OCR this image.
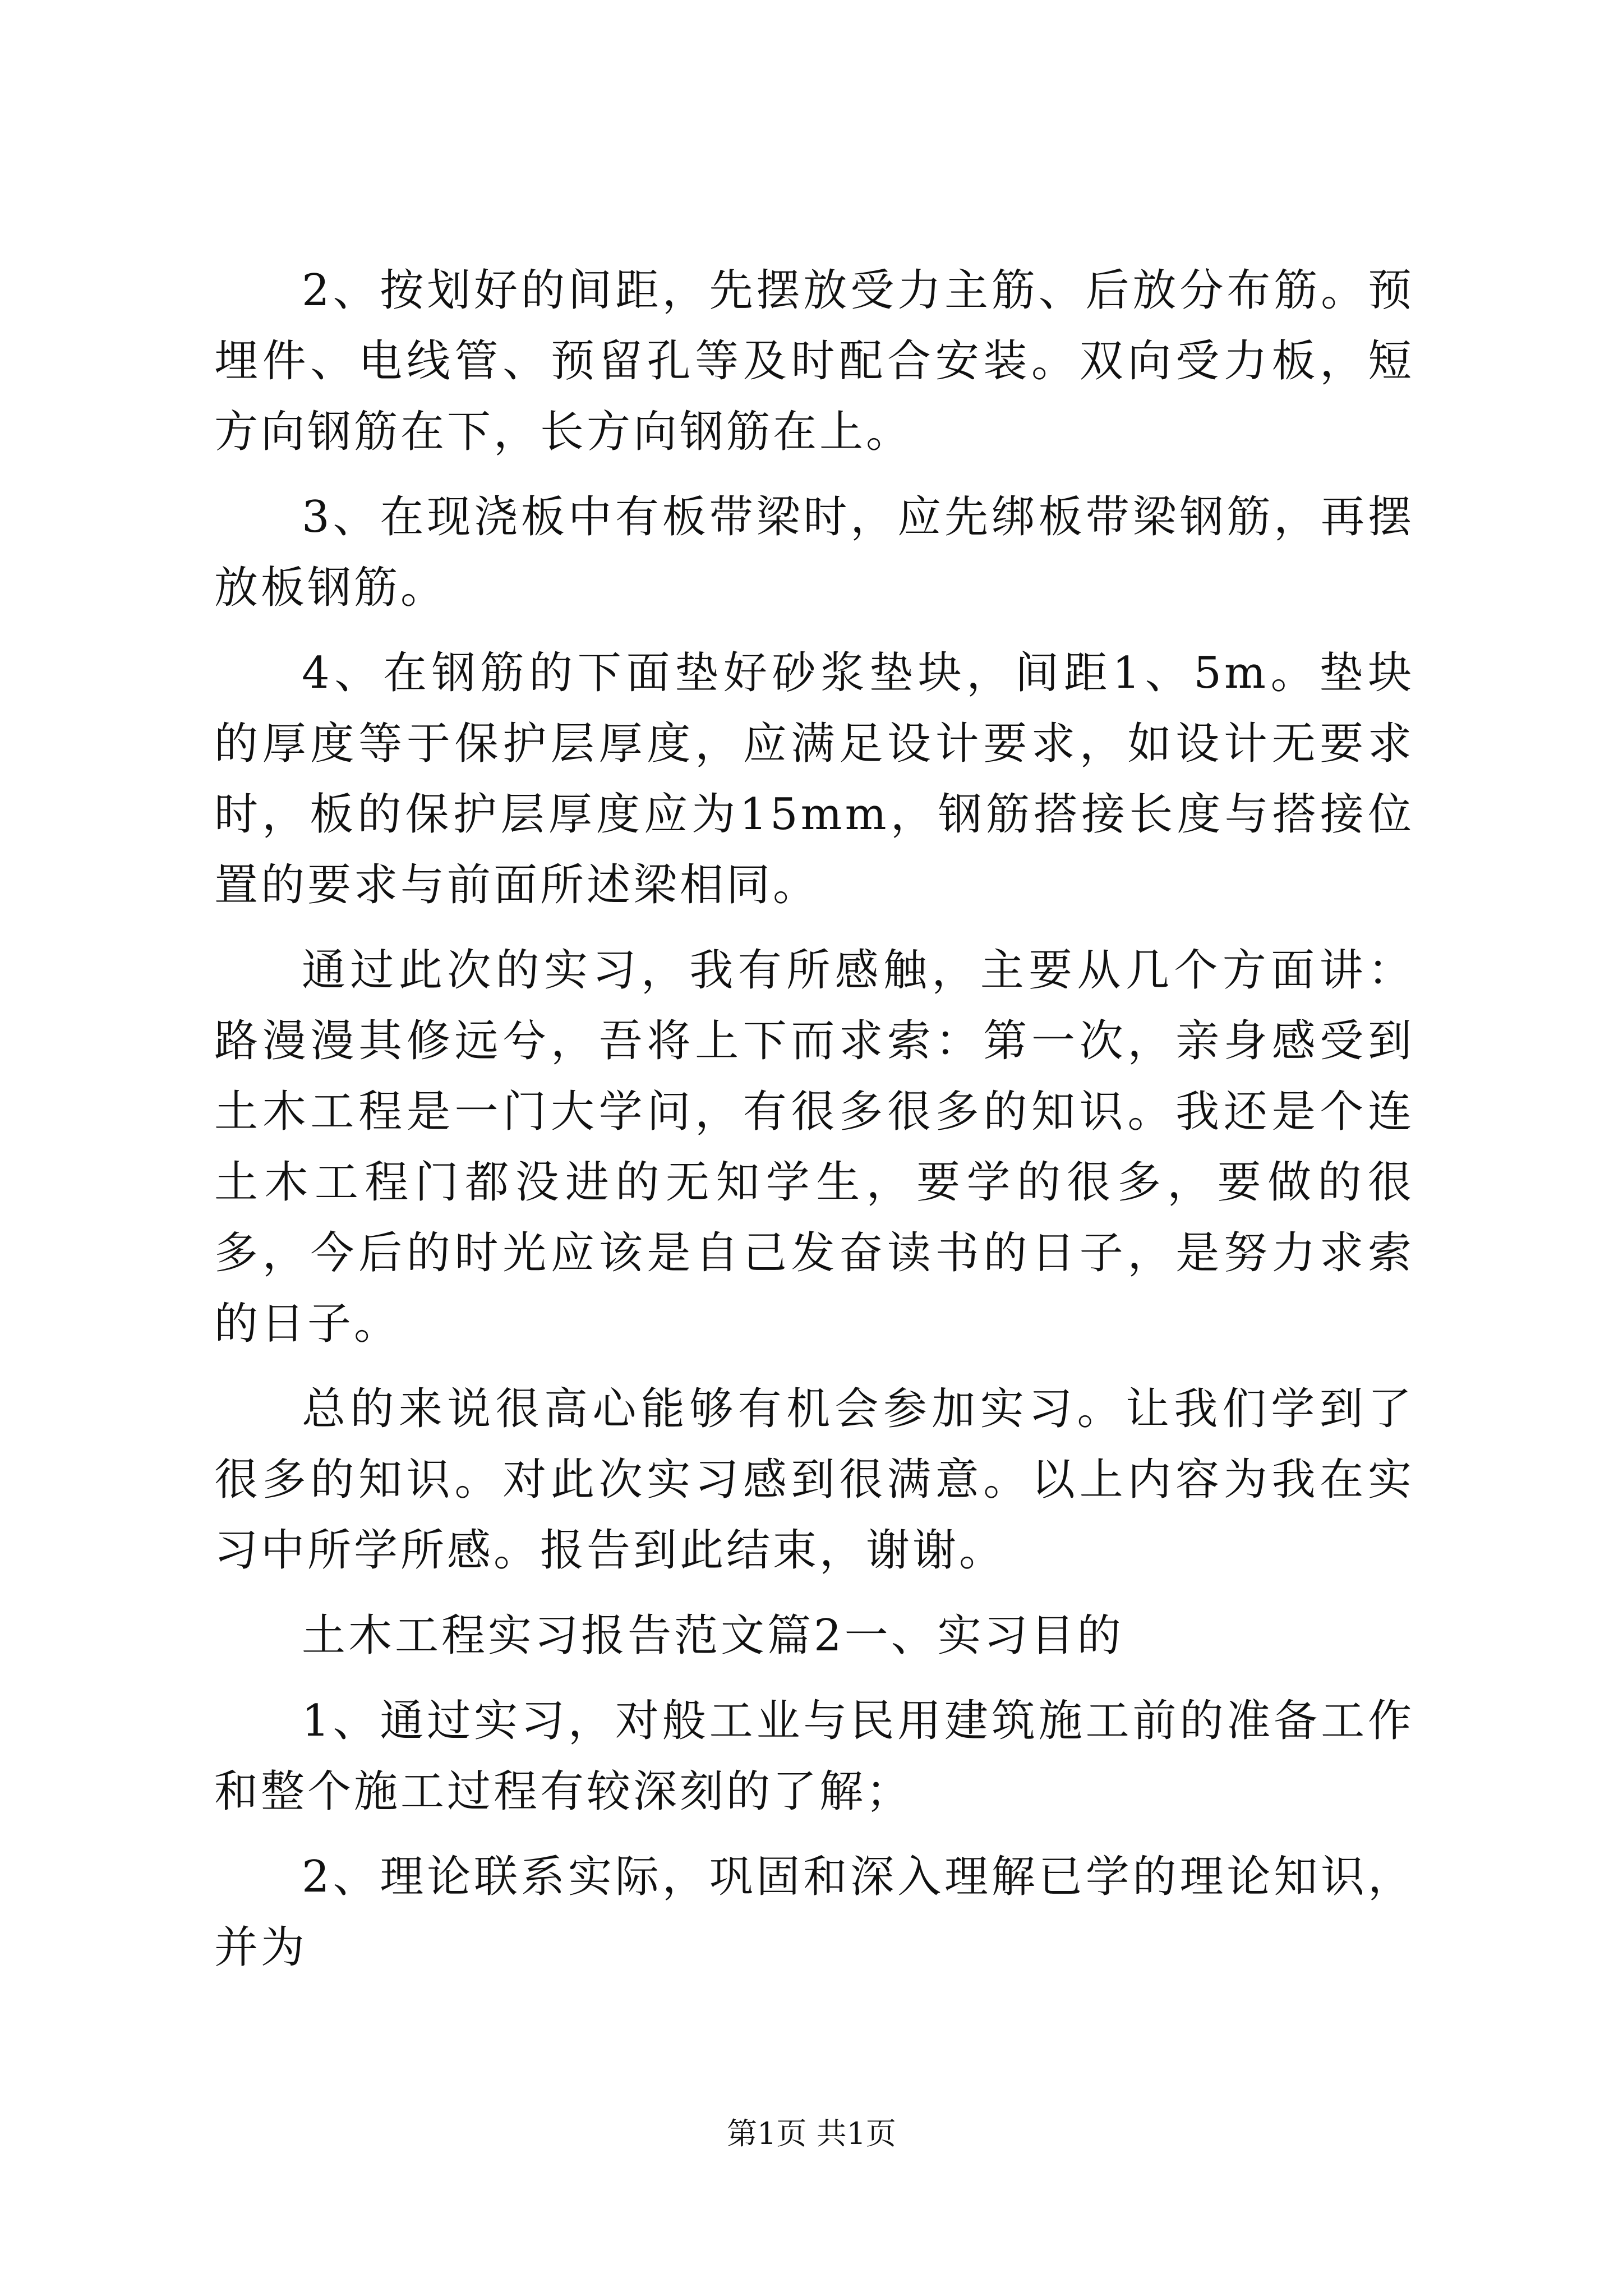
2、按划好的间距，先摆放受力主筋、后放分布筋。预埋件、电线管、预留孔等及时配合安装。双向受力板，短方向钢筋在下，长方向钢筋在上。

3、在现浇板中有板带梁时，应先绑板带梁钢筋，再摆放板钢筋。

4、在钢筋的下面垫好砂浆垫块，间距1、5m。垫块的厚度等于保护层厚度，应满足设计要求，如设计无要求时，板的保护层厚度应为15mm，钢筋搭接长度与搭接位置的要求与前面所述梁相同。

通过此次的实习，我有所感触，主要从几个方面讲：路漫漫其修远兮，吾将上下而求索：第一次，亲身感受到土木工程是一门大学问，有很多很多的知识。我还是个连土木工程门都没进的无知学生，要学的很多，要做的很多，今后的时光应该是自己发奋读书的日子，是努力求索的日子。

总的来说很高心能够有机会参加实习。让我们学到了很多的知识。对此次实习感到很满意。以上内容为我在实习中所学所感。报告到此结束，谢谢。

土木工程实习报告范文篇2一、实习目的

1、通过实习，对般工业与民用建筑施工前的准备工作和整个施工过程有较深刻的了解；

2、理论联系实际，巩固和深入理解已学的理论知识，并为

第1页 共1页
